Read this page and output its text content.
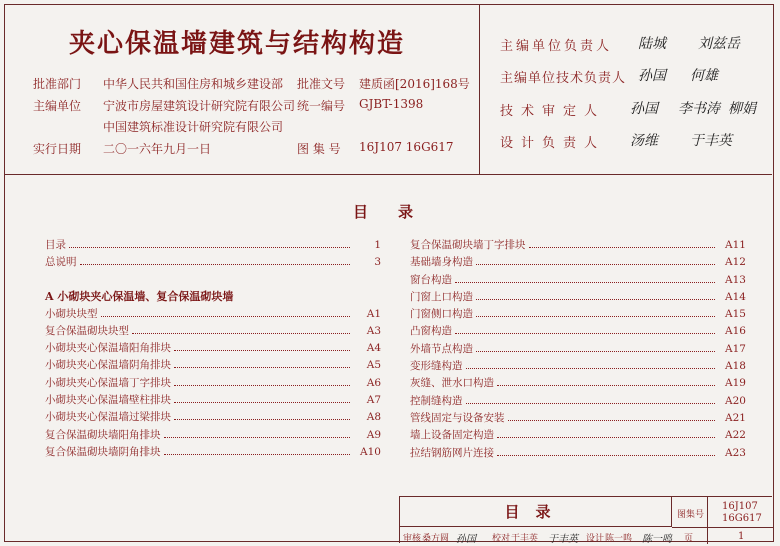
夹心保温墙建筑与结构构造
批准部门 中华人民共和国住房和城乡建设部 批准文号 建质函[2016]168号
主编单位 宁波市房屋建筑设计研究院有限公司 统一编号 GJBT-1398
中国建筑标准设计研究院有限公司
实行日期 二〇一六年九月一日	图 集 号 16J107 16G617
主编单位负责人 陆城 刘兹岳
主编单位技术负责人 孙国 何雄
技术审定人 孙国 李书涛 柳娟
设计负责人 汤维 于丰英
目　　录
目录	1
总说明	3
A 小砌块夹心保温墙、复合保温砌块墙
小砌块块型	A1
复合保温砌块块型	A3
小砌块夹心保温墙阳角排块	A4
小砌块夹心保温墙阴角排块	A5
小砌块夹心保温墙丁字排块	A6
小砌块夹心保温墙壁柱排块	A7
小砌块夹心保温墙过梁排块	A8
复合保温砌块墙阳角排块	A9
复合保温砌块墙阴角排块	A10
复合保温砌块墙丁字排块	A11
基础墙身构造	A12
窗台构造	A13
门窗上口构造	A14
门窗侧口构造	A15
凸窗构造	A16
外墙节点构造	A17
变形缝构造	A18
灰缝、泄水口构造	A19
控制缝构造	A20
管线固定与设备安装	A21
墙上设备固定构造	A22
拉结钢筋网片连接	A23
目录	图集号
16J107
16G617
审核 桑方圆 孙国 校对 于丰英 于丰英 设计 陈一鸣 陈一鸣 页	1
